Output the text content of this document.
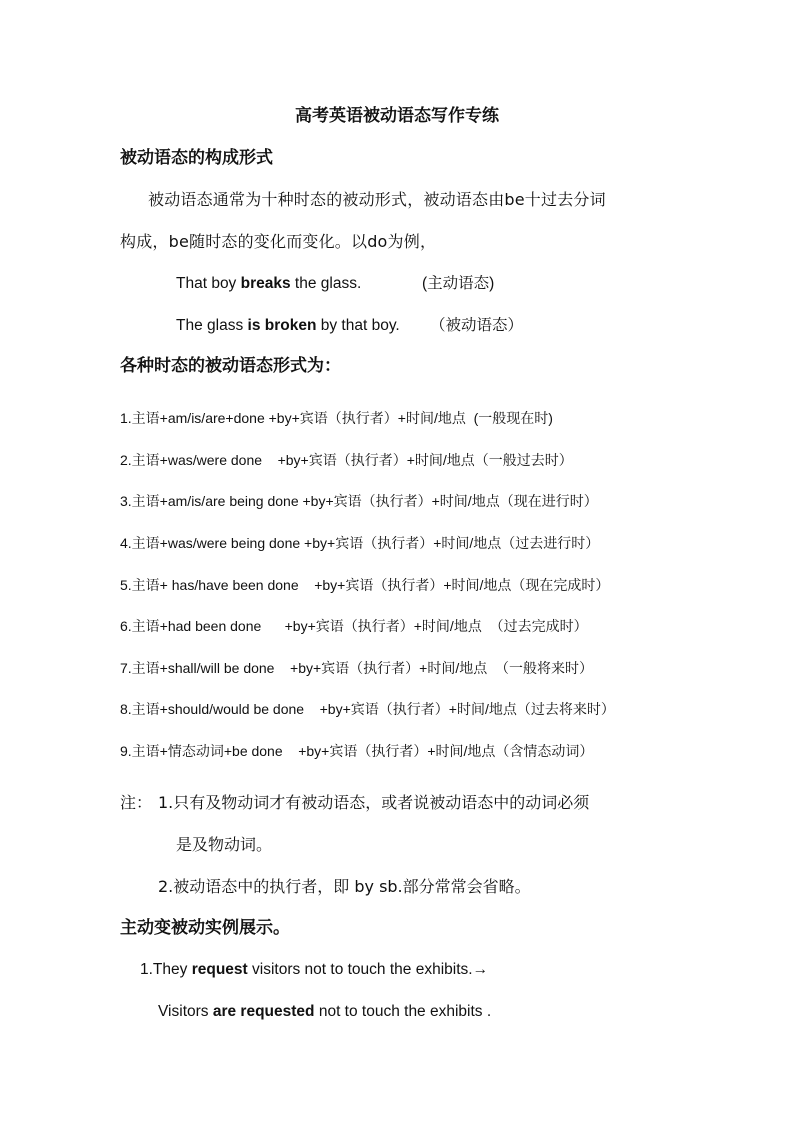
高考英语被动语态写作专练
被动语态的构成形式
被动语态通常为十种时态的被动形式，被动语态由be十过去分词
构成，be随时态的变化而变化。以do为例，
That boy breaks the glass.	(主动语态)
The glass is broken by that boy. （被动语态）
各种时态的被动语态形式为：
1.主语+am/is/are+done +by+宾语（执行者）+时间/地点  (一般现在时)
2.主语+was/were done    +by+宾语（执行者）+时间/地点（一般过去时）
3.主语+am/is/are being done +by+宾语（执行者）+时间/地点（现在进行时）
4.主语+was/were being done +by+宾语（执行者）+时间/地点（过去进行时）
5.主语+ has/have been done    +by+宾语（执行者）+时间/地点（现在完成时）
6.主语+had been done      +by+宾语（执行者）+时间/地点  （过去完成时）
7.主语+shall/will be done    +by+宾语（执行者）+时间/地点  （一般将来时）
8.主语+should/would be done    +by+宾语（执行者）+时间/地点（过去将来时）
9.主语+情态动词+be done    +by+宾语（执行者）+时间/地点（含情态动词）
注： 1.只有及物动词才有被动语态，或者说被动语态中的动词必须
是及物动词。
2.被动语态中的执行者，即 by sb.部分常常会省略。
主动变被动实例展示。
1.They request visitors not to touch the exhibits.→
Visitors are requested not to touch the exhibits .
